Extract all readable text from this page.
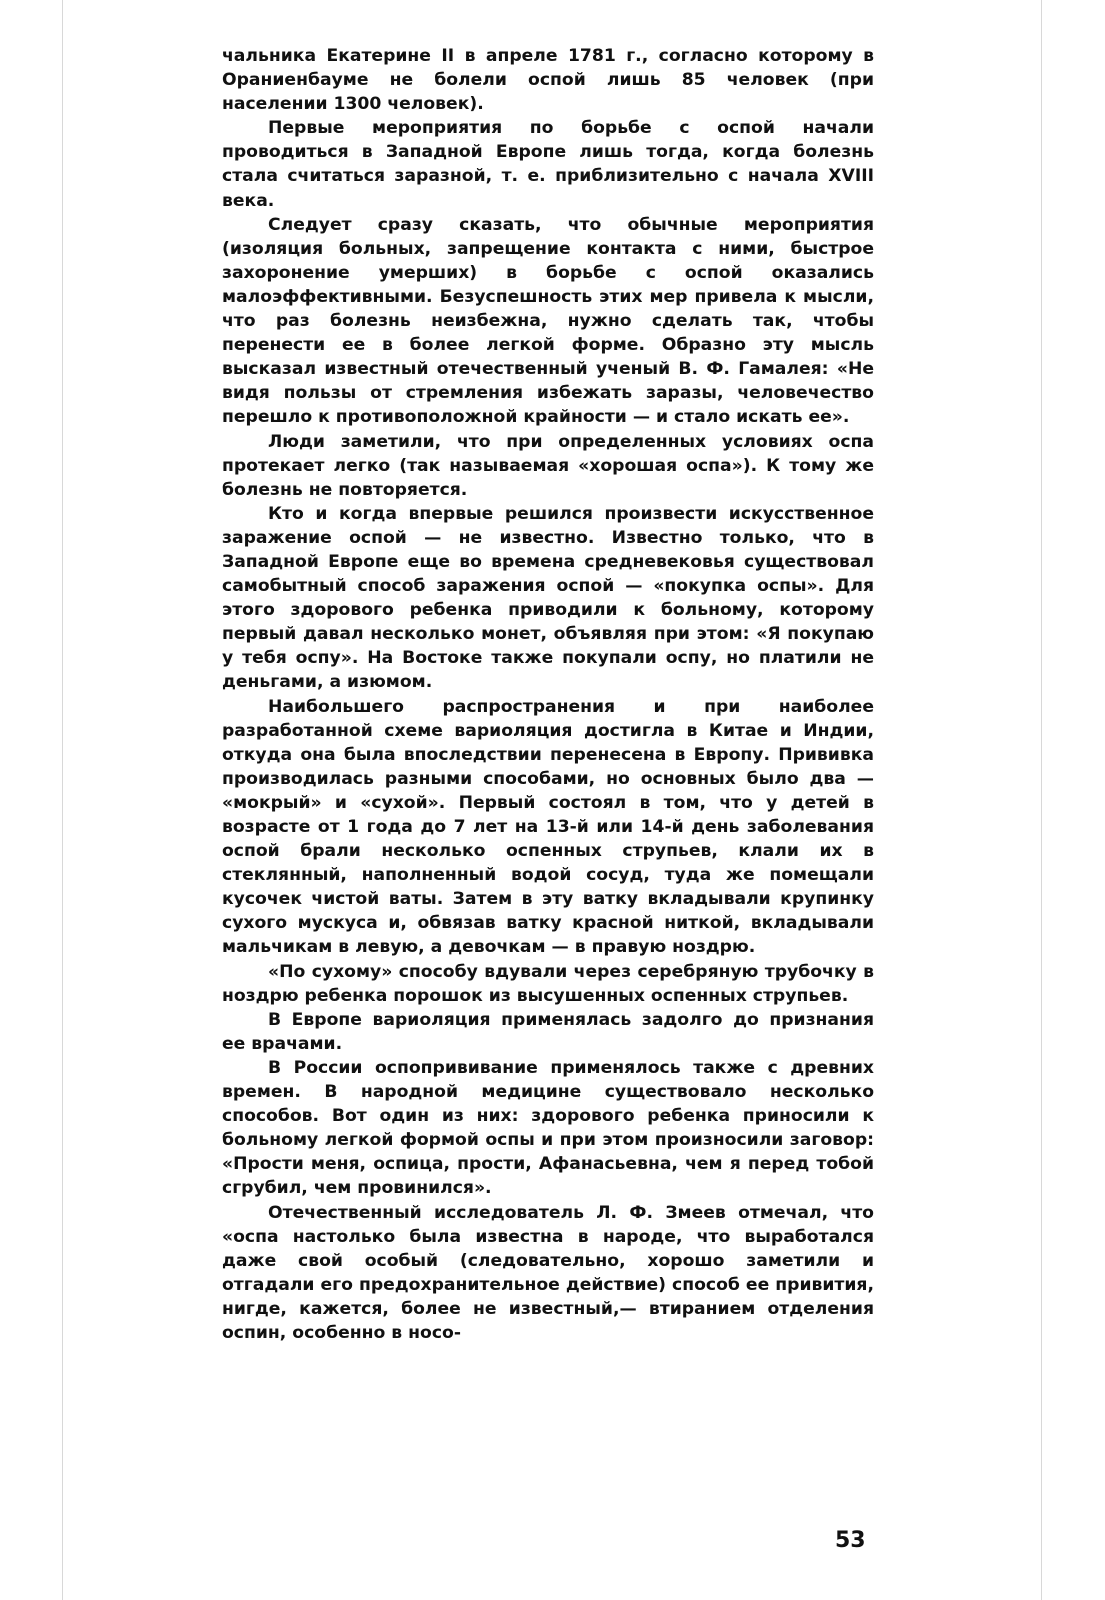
чальника Екатерине II в апреле 1781 г., согласно которому в Ораниенбауме не болели оспой лишь 85 человек (при населении 1300 человек).

Первые мероприятия по борьбе с оспой начали проводиться в Западной Европе лишь тогда, когда болезнь стала считаться заразной, т. е. приблизительно с начала XVIII века.

Следует сразу сказать, что обычные мероприятия (изоляция больных, запрещение контакта с ними, быстрое захоронение умерших) в борьбе с оспой оказались малоэффективными. Безуспешность этих мер привела к мысли, что раз болезнь неизбежна, нужно сделать так, чтобы перенести ее в более легкой форме. Образно эту мысль высказал известный отечественный ученый В. Ф. Гамалея: «Не видя пользы от стремления избежать заразы, человечество перешло к противоположной крайности — и стало искать ее».

Люди заметили, что при определенных условиях оспа протекает легко (так называемая «хорошая оспа»). К тому же болезнь не повторяется.

Кто и когда впервые решился произвести искусственное заражение оспой — не известно. Известно только, что в Западной Европе еще во времена средневековья существовал самобытный способ заражения оспой — «покупка оспы». Для этого здорового ребенка приводили к больному, которому первый давал несколько монет, объявляя при этом: «Я покупаю у тебя оспу». На Востоке также покупали оспу, но платили не деньгами, а изюмом.

Наибольшего распространения и при наиболее разработанной схеме вариоляция достигла в Китае и Индии, откуда она была впоследствии перенесена в Европу. Прививка производилась разными способами, но основных было два — «мокрый» и «сухой». Первый состоял в том, что у детей в возрасте от 1 года до 7 лет на 13-й или 14-й день заболевания оспой брали несколько оспенных струпьев, клали их в стеклянный, наполненный водой сосуд, туда же помещали кусочек чистой ваты. Затем в эту ватку вкладывали крупинку сухого мускуса и, обвязав ватку красной ниткой, вкладывали мальчикам в левую, а девочкам — в правую ноздрю.

«По сухому» способу вдували через серебряную трубочку в ноздрю ребенка порошок из высушенных оспенных струпьев.

В Европе вариоляция применялась задолго до признания ее врачами.

В России оспопрививание применялось также с древних времен. В народной медицине существовало несколько способов. Вот один из них: здорового ребенка приносили к больному легкой формой оспы и при этом произносили заговор: «Прости меня, оспица, прости, Афанасьевна, чем я перед тобой сгрубил, чем провинился».

Отечественный исследователь Л. Ф. Змеев отмечал, что «оспа настолько была известна в народе, что выработался даже свой особый (следовательно, хорошо заметили и отгадали его предохранительное действие) способ ее привития, нигде, кажется, более не известный,— втиранием отделения оспин, особенно в носо-

53
